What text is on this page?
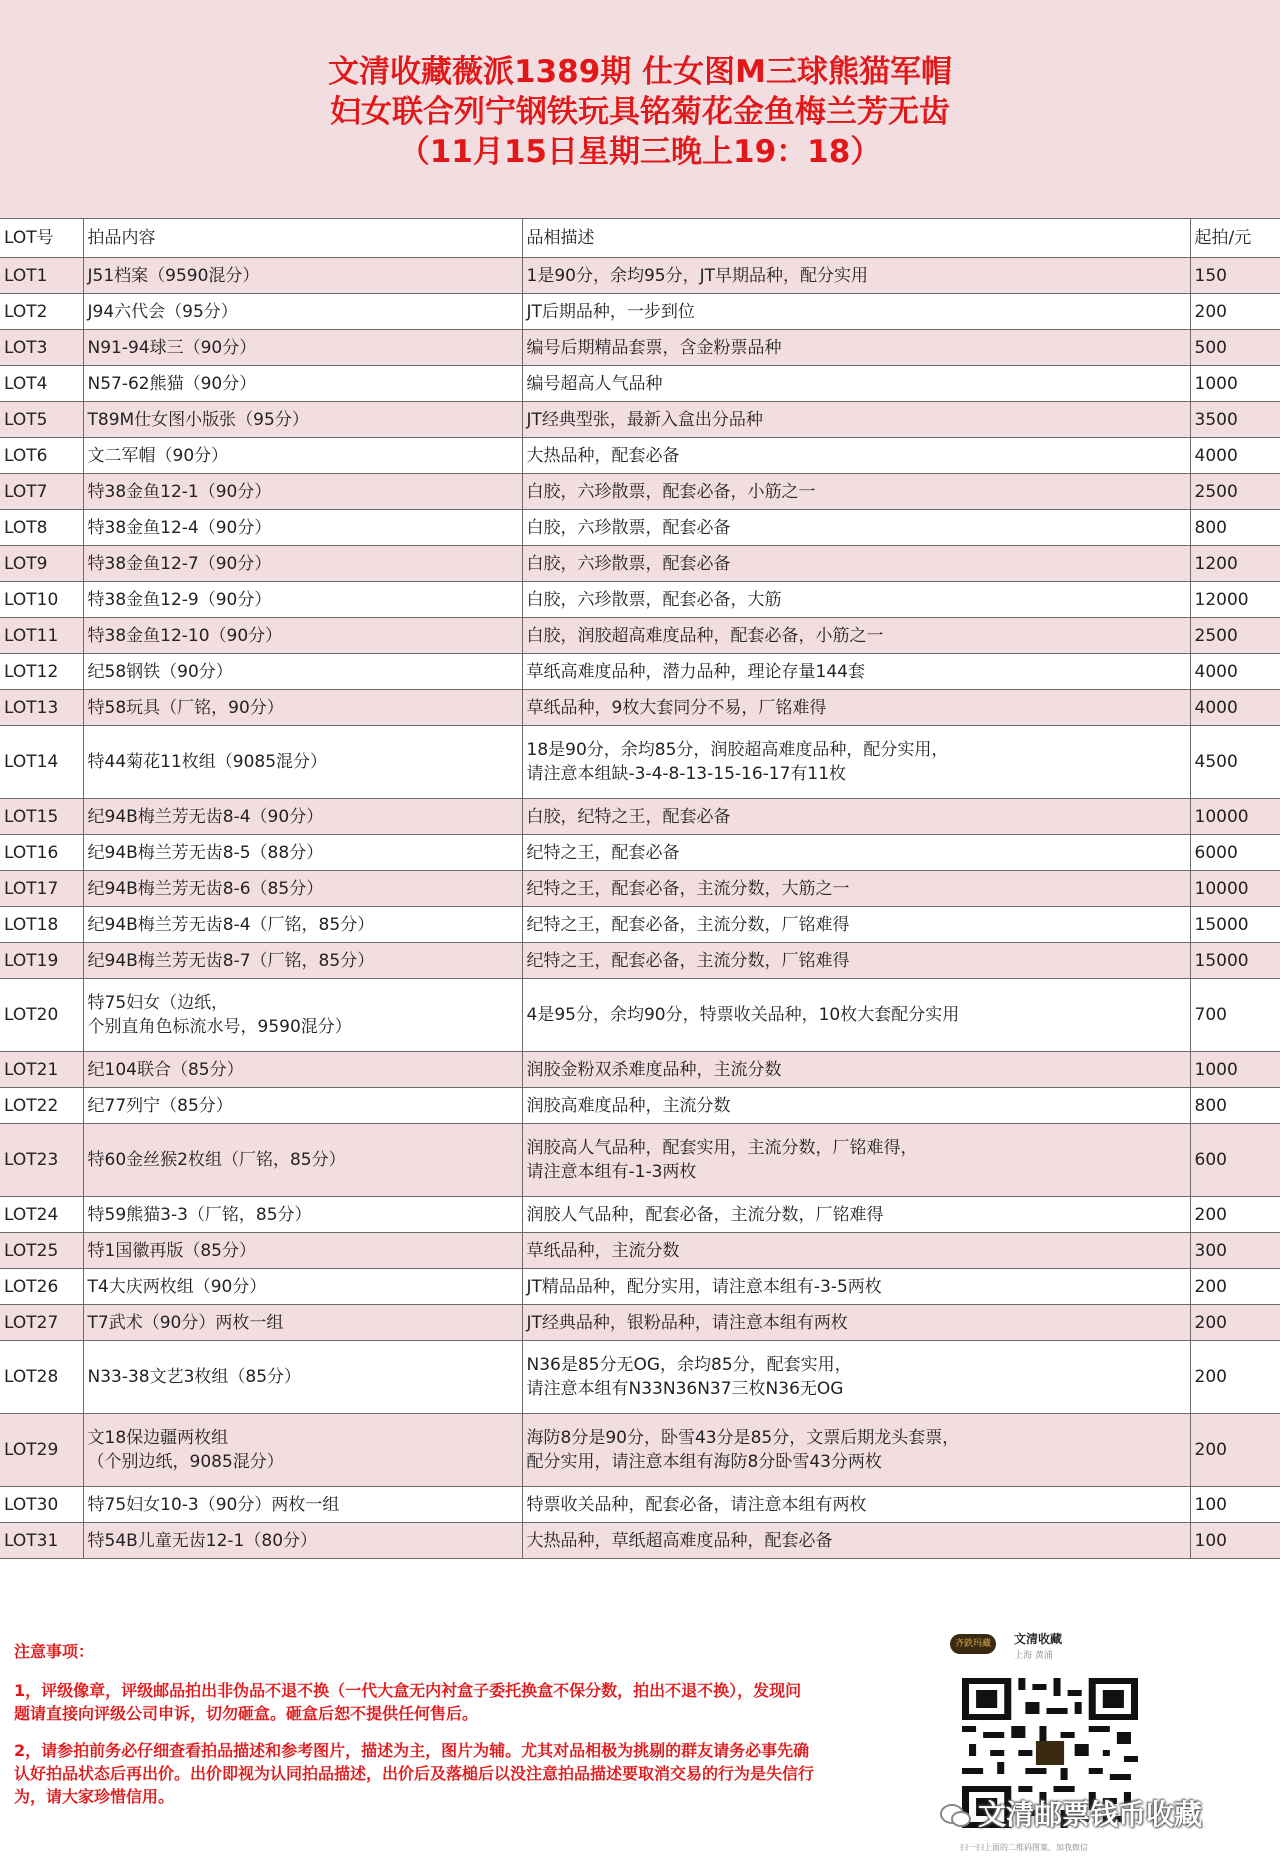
文清收藏薇派1389期 仕女图M三球熊猫军帽
妇女联合列宁钢铁玩具铭菊花金鱼梅兰芳无齿
（11月15日星期三晚上19：18）
LOT号	拍品内容	品相描述	起拍/元
LOT1	J51档案（9590混分）	1是90分，余均95分，JT早期品种，配分实用	150
LOT2	J94六代会（95分）	JT后期品种，一步到位	200
LOT3	N91-94球三（90分）	编号后期精品套票，含金粉票品种	500
LOT4	N57-62熊猫（90分）	编号超高人气品种	1000
LOT5	T89M仕女图小版张（95分）	JT经典型张，最新入盒出分品种	3500
LOT6	文二军帽（90分）	大热品种，配套必备	4000
LOT7	特38金鱼12-1（90分）	白胶，六珍散票，配套必备，小筋之一	2500
LOT8	特38金鱼12-4（90分）	白胶，六珍散票，配套必备	800
LOT9	特38金鱼12-7（90分）	白胶，六珍散票，配套必备	1200
LOT10	特38金鱼12-9（90分）	白胶，六珍散票，配套必备，大筋	12000
LOT11	特38金鱼12-10（90分）	白胶，润胶超高难度品种，配套必备，小筋之一	2500
LOT12	纪58钢铁（90分）	草纸高难度品种，潜力品种，理论存量144套	4000
LOT13	特58玩具（厂铭，90分）	草纸品种，9枚大套同分不易，厂铭难得	4000
LOT14	特44菊花11枚组（9085混分）	18是90分，余均85分，润胶超高难度品种，配分实用，
请注意本组缺-3-4-8-13-15-16-17有11枚	4500
LOT15	纪94B梅兰芳无齿8-4（90分）	白胶，纪特之王，配套必备	10000
LOT16	纪94B梅兰芳无齿8-5（88分）	纪特之王，配套必备	6000
LOT17	纪94B梅兰芳无齿8-6（85分）	纪特之王，配套必备，主流分数，大筋之一	10000
LOT18	纪94B梅兰芳无齿8-4（厂铭，85分）	纪特之王，配套必备，主流分数，厂铭难得	15000
LOT19	纪94B梅兰芳无齿8-7（厂铭，85分）	纪特之王，配套必备，主流分数，厂铭难得	15000
LOT20	特75妇女（边纸，
个别直角色标流水号，9590混分）	4是95分，余均90分，特票收关品种，10枚大套配分实用	700
LOT21	纪104联合（85分）	润胶金粉双杀难度品种，主流分数	1000
LOT22	纪77列宁（85分）	润胶高难度品种，主流分数	800
LOT23	特60金丝猴2枚组（厂铭，85分）	润胶高人气品种，配套实用，主流分数，厂铭难得，
请注意本组有-1-3两枚	600
LOT24	特59熊猫3-3（厂铭，85分）	润胶人气品种，配套必备，主流分数，厂铭难得	200
LOT25	特1国徽再版（85分）	草纸品种，主流分数	300
LOT26	T4大庆两枚组（90分）	JT精品品种，配分实用，请注意本组有-3-5两枚	200
LOT27	T7武术（90分）两枚一组	JT经典品种，银粉品种，请注意本组有两枚	200
LOT28	N33-38文艺3枚组（85分）	N36是85分无OG，余均85分，配套实用，
请注意本组有N33N36N37三枚N36无OG	200
LOT29	文18保边疆两枚组
（个别边纸，9085混分）	海防8分是90分，卧雪43分是85分，文票后期龙头套票，
配分实用，请注意本组有海防8分卧雪43分两枚	200
LOT30	特75妇女10-3（90分）两枚一组	特票收关品种，配套必备，请注意本组有两枚	100
LOT31	特54B儿童无齿12-1（80分）	大热品种，草纸超高难度品种，配套必备	100
注意事项：

1，评级像章，评级邮品拍出非伪品不退不换（一代大盒无内衬盒子委托换盒不保分数，拍出不退不换），发现问题请直接向评级公司申诉，切勿砸盒。砸盒后恕不提供任何售后。

2，请参拍前务必仔细查看拍品描述和参考图片，描述为主，图片为辅。尤其对品相极为挑剔的群友请务必事先确认好拍品状态后再出价。出价即视为认同拍品描述，出价后及落槌后以没注意拍品描述要取消交易的行为是失信行为，请大家珍惜信用。

齐鉄玛藏	文清收藏
上海 黄浦
扫一扫上面的二维码图案，加我微信
文清邮票钱币收藏
